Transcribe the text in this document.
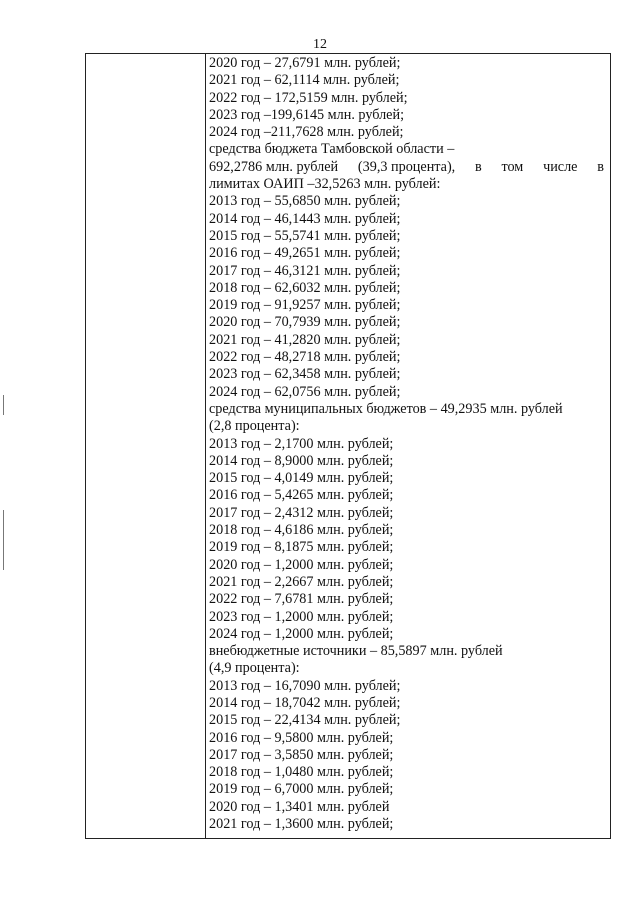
12
2020 год – 27,6791 млн. рублей;
2021 год – 62,1114 млн. рублей;
2022 год – 172,5159 млн. рублей;
2023 год –199,6145 млн. рублей;
2024 год –211,7628 млн. рублей;
средства бюджета Тамбовской области –
692,2786 млн. рублей (39,3 процента), в том числе в
лимитах ОАИП –32,5263 млн. рублей:
2013 год – 55,6850 млн. рублей;
2014 год – 46,1443 млн. рублей;
2015 год – 55,5741 млн. рублей;
2016 год – 49,2651 млн. рублей;
2017 год – 46,3121 млн. рублей;
2018 год – 62,6032 млн. рублей;
2019 год – 91,9257 млн. рублей;
2020 год – 70,7939 млн. рублей;
2021 год – 41,2820 млн. рублей;
2022 год – 48,2718 млн. рублей;
2023 год – 62,3458 млн. рублей;
2024 год – 62,0756 млн. рублей;
средства муниципальных бюджетов – 49,2935 млн. рублей
(2,8 процента):
2013 год – 2,1700 млн. рублей;
2014 год – 8,9000 млн. рублей;
2015 год – 4,0149 млн. рублей;
2016 год – 5,4265 млн. рублей;
2017 год – 2,4312 млн. рублей;
2018 год – 4,6186 млн. рублей;
2019 год – 8,1875 млн. рублей;
2020 год – 1,2000 млн. рублей;
2021 год – 2,2667 млн. рублей;
2022 год – 7,6781 млн. рублей;
2023 год – 1,2000 млн. рублей;
2024 год – 1,2000 млн. рублей;
внебюджетные источники – 85,5897 млн. рублей
(4,9 процента):
2013 год – 16,7090 млн. рублей;
2014 год – 18,7042 млн. рублей;
2015 год – 22,4134 млн. рублей;
2016 год – 9,5800 млн. рублей;
2017 год – 3,5850 млн. рублей;
2018 год – 1,0480 млн. рублей;
2019 год – 6,7000 млн. рублей;
2020 год – 1,3401 млн. рублей
2021 год – 1,3600 млн. рублей;
